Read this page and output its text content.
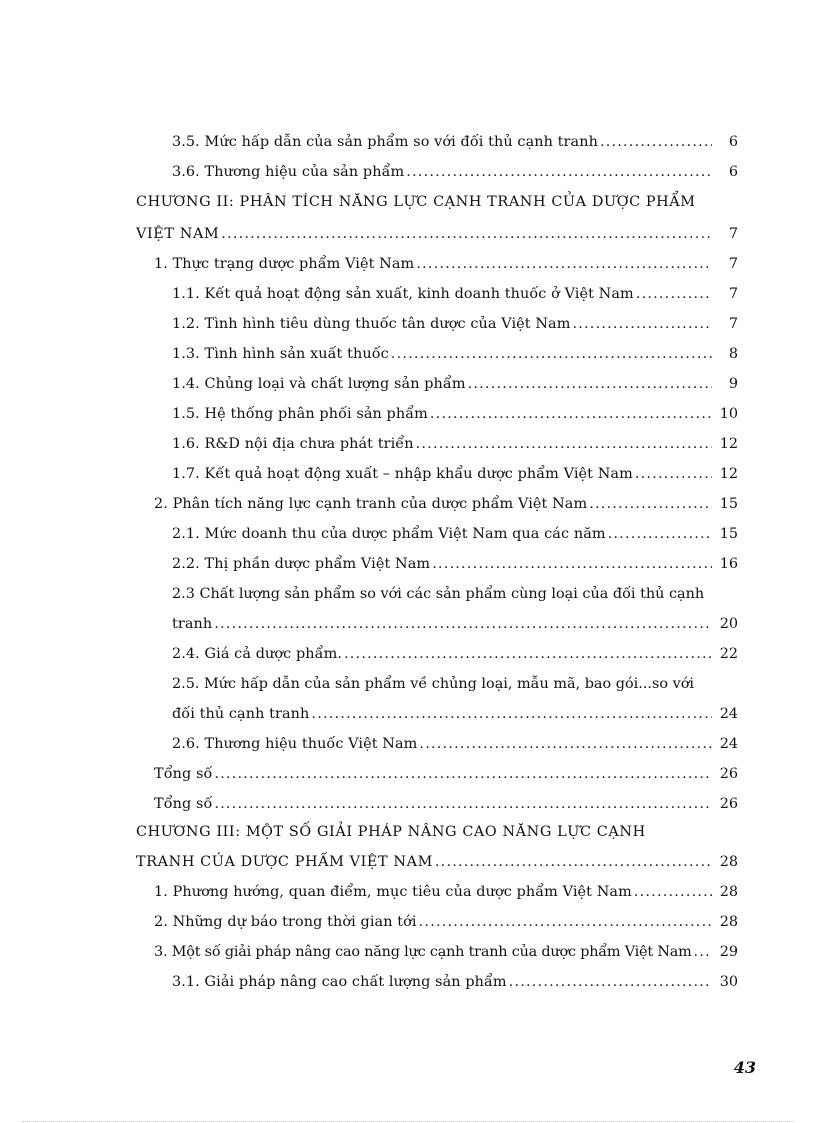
3.5. Mức hấp dẫn của sản phẩm so với đối thủ cạnh tranh .....	6
3.6. Thương hiệu của sản phẩm .....	6
CHƯƠNG II: PHÂN TÍCH NĂNG LỰC CẠNH TRANH CỦA DƯỢC PHẨM
VIỆT NAM .....	7
1. Thực trạng dược phẩm Việt Nam .....	7
1.1. Kết quả hoạt động sản xuất, kinh doanh thuốc ở Việt Nam .....	7
1.2. Tình hình tiêu dùng thuốc tân dược của Việt Nam .....	7
1.3. Tình hình sản xuất thuốc .....	8
1.4. Chủng loại và chất lượng sản phẩm .....	9
1.5. Hệ thống phân phối sản phẩm .....	10
1.6. R&D nội địa chưa phát triển .....	12
1.7. Kết quả hoạt động xuất – nhập khẩu dược phẩm Việt Nam .....	12
2. Phân tích năng lực cạnh tranh của dược phẩm Việt Nam .....	15
2.1. Mức doanh thu của dược phẩm Việt Nam qua các năm .....	15
2.2. Thị phần dược phẩm Việt Nam .....	16
2.3 Chất lượng sản phẩm so với các sản phẩm cùng loại của đối thủ cạnh
tranh .....	20
2.4. Giá cả dược phẩm. .....	22
2.5. Mức hấp dẫn của sản phẩm về chủng loại, mẫu mã, bao gói...so với
đối thủ cạnh tranh .....	24
2.6. Thương hiệu thuốc Việt Nam .....	24
Tổng số .....	26
Tổng số .....	26
CHƯƠNG III: MỘT SỐ GIẢI PHÁP NÂNG CAO NĂNG LỰC CẠNH
TRANH CỦA DƯỢC PHẨM VIỆT NAM .....	28
1. Phương hướng, quan điểm, mục tiêu của dược phẩm Việt Nam .....	28
2. Những dự báo trong thời gian tới .....	28
3. Một số giải pháp nâng cao năng lực cạnh tranh của dược phẩm Việt Nam .....	29
3.1. Giải pháp nâng cao chất lượng sản phẩm .....	30
43
